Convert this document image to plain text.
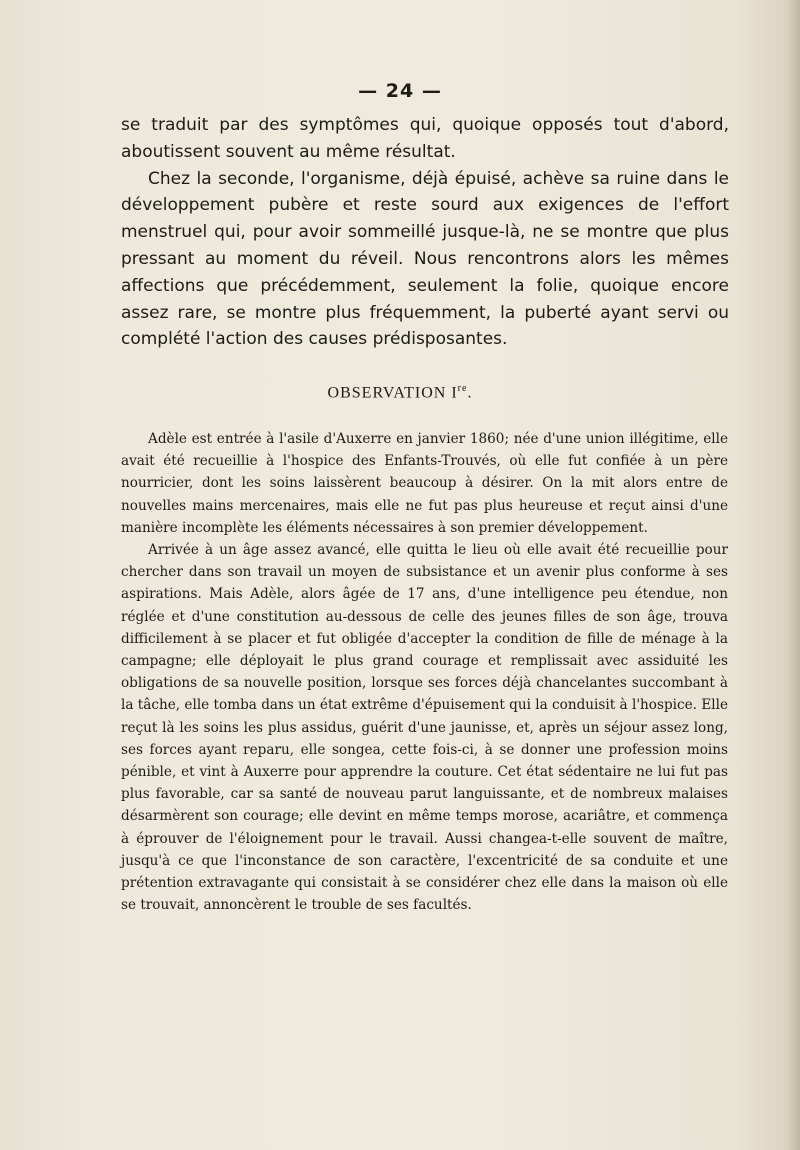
— 24 —

se traduit par des symptômes qui, quoique opposés tout d'abord, aboutissent souvent au même résultat.

Chez la seconde, l'organisme, déjà épuisé, achève sa ruine dans le développement pubère et reste sourd aux exigences de l'effort menstruel qui, pour avoir sommeillé jusque-là, ne se montre que plus pressant au moment du réveil. Nous rencontrons alors les mêmes affections que précédemment, seulement la folie, quoique encore assez rare, se montre plus fréquemment, la puberté ayant servi ou complété l'action des causes prédisposantes.

OBSERVATION Ire.

Adèle est entrée à l'asile d'Auxerre en janvier 1860; née d'une union illégitime, elle avait été recueillie à l'hospice des Enfants-Trouvés, où elle fut confiée à un père nourricier, dont les soins laissèrent beaucoup à désirer. On la mit alors entre de nouvelles mains mercenaires, mais elle ne fut pas plus heureuse et reçut ainsi d'une manière incomplète les éléments nécessaires à son premier développement.

Arrivée à un âge assez avancé, elle quitta le lieu où elle avait été recueillie pour chercher dans son travail un moyen de subsistance et un avenir plus conforme à ses aspirations. Mais Adèle, alors âgée de 17 ans, d'une intelligence peu étendue, non réglée et d'une constitution au-dessous de celle des jeunes filles de son âge, trouva difficilement à se placer et fut obligée d'accepter la condition de fille de ménage à la campagne; elle déployait le plus grand courage et remplissait avec assiduité les obligations de sa nouvelle position, lorsque ses forces déjà chancelantes succombant à la tâche, elle tomba dans un état extrême d'épuisement qui la conduisit à l'hospice. Elle reçut là les soins les plus assidus, guérit d'une jaunisse, et, après un séjour assez long, ses forces ayant reparu, elle songea, cette fois-ci, à se donner une profession moins pénible, et vint à Auxerre pour apprendre la couture. Cet état sédentaire ne lui fut pas plus favorable, car sa santé de nouveau parut languissante, et de nombreux malaises désarmèrent son courage; elle devint en même temps morose, acariâtre, et commença à éprouver de l'éloignement pour le travail. Aussi changea-t-elle souvent de maître, jusqu'à ce que l'inconstance de son caractère, l'excentricité de sa conduite et une prétention extravagante qui consistait à se considérer chez elle dans la maison où elle se trouvait, annoncèrent le trouble de ses facultés.
